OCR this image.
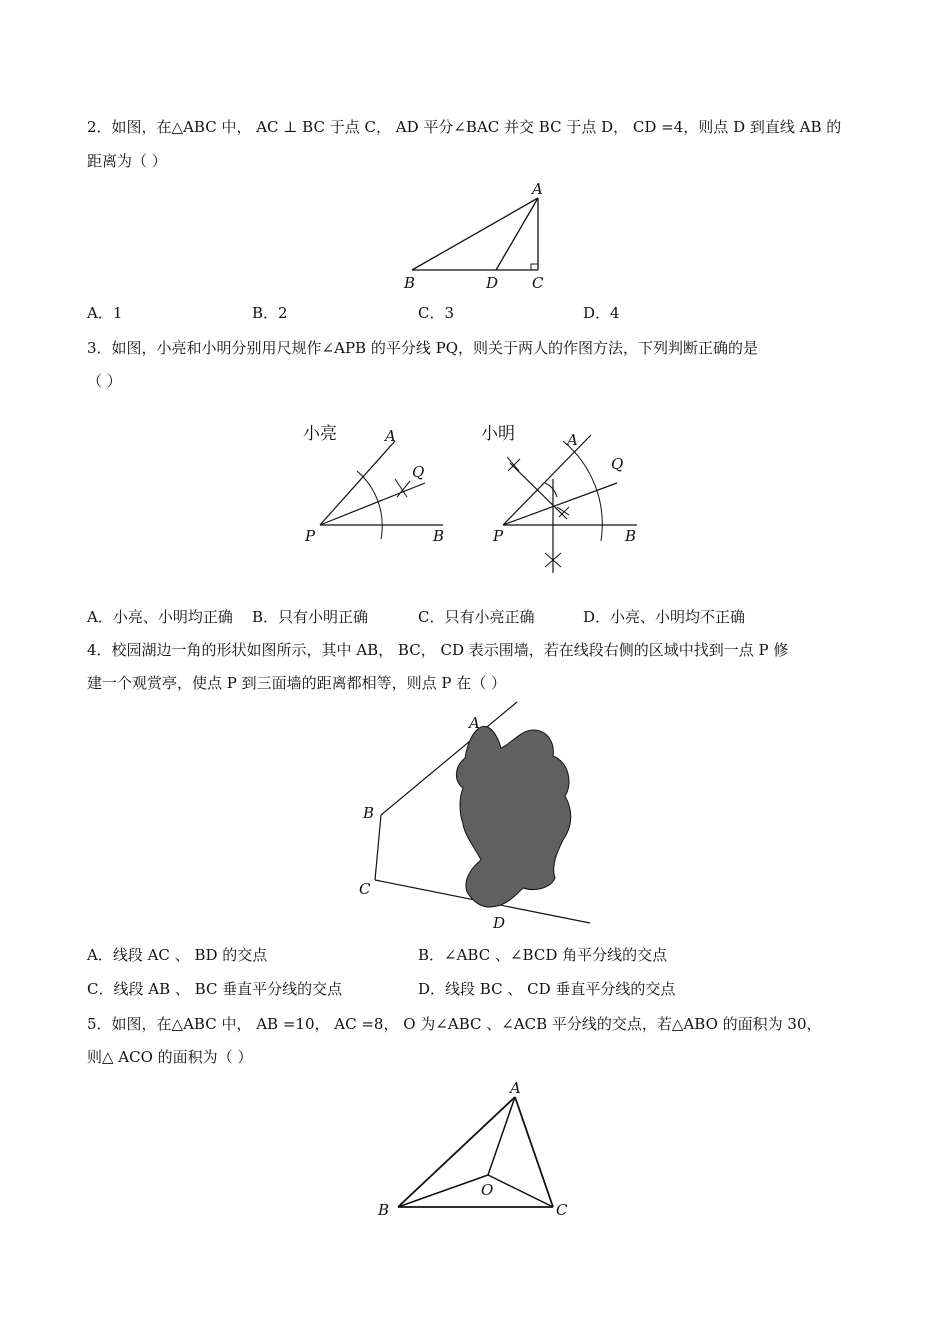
2．如图，在△ABC 中， AC ⊥ BC 于点 C， AD 平分∠BAC 并交 BC 于点 D， CD =4，则点 D 到直线 AB 的
距离为（ ）
A
B	D C
A．1	B．2	C．3	D．4
3．如图，小亮和小明分别用尺规作∠APB 的平分线 PQ，则关于两人的作图方法，下列判断正确的是
（ ）
小亮	A
Q
P	B
小明	A
Q
P	B
A．小亮、小明均正确 B．只有小明正确	C．只有小亮正确	D．小亮、小明均不正确
4．校园湖边一角的形状如图所示，其中 AB， BC， CD 表示围墙，若在线段右侧的区域中找到一点 P 修
建一个观赏亭，使点 P 到三面墙的距离都相等，则点 P 在（ ）
A
B
C
D
A．线段 AC 、 BD 的交点	B．∠ABC 、∠BCD 角平分线的交点
C．线段 AB 、 BC 垂直平分线的交点	D．线段 BC 、 CD 垂直平分线的交点
5．如图，在△ABC 中， AB =10， AC =8， O 为∠ABC 、∠ACB 平分线的交点，若△ABO 的面积为 30，
则△ ACO 的面积为（ ）
A
B	C
O
